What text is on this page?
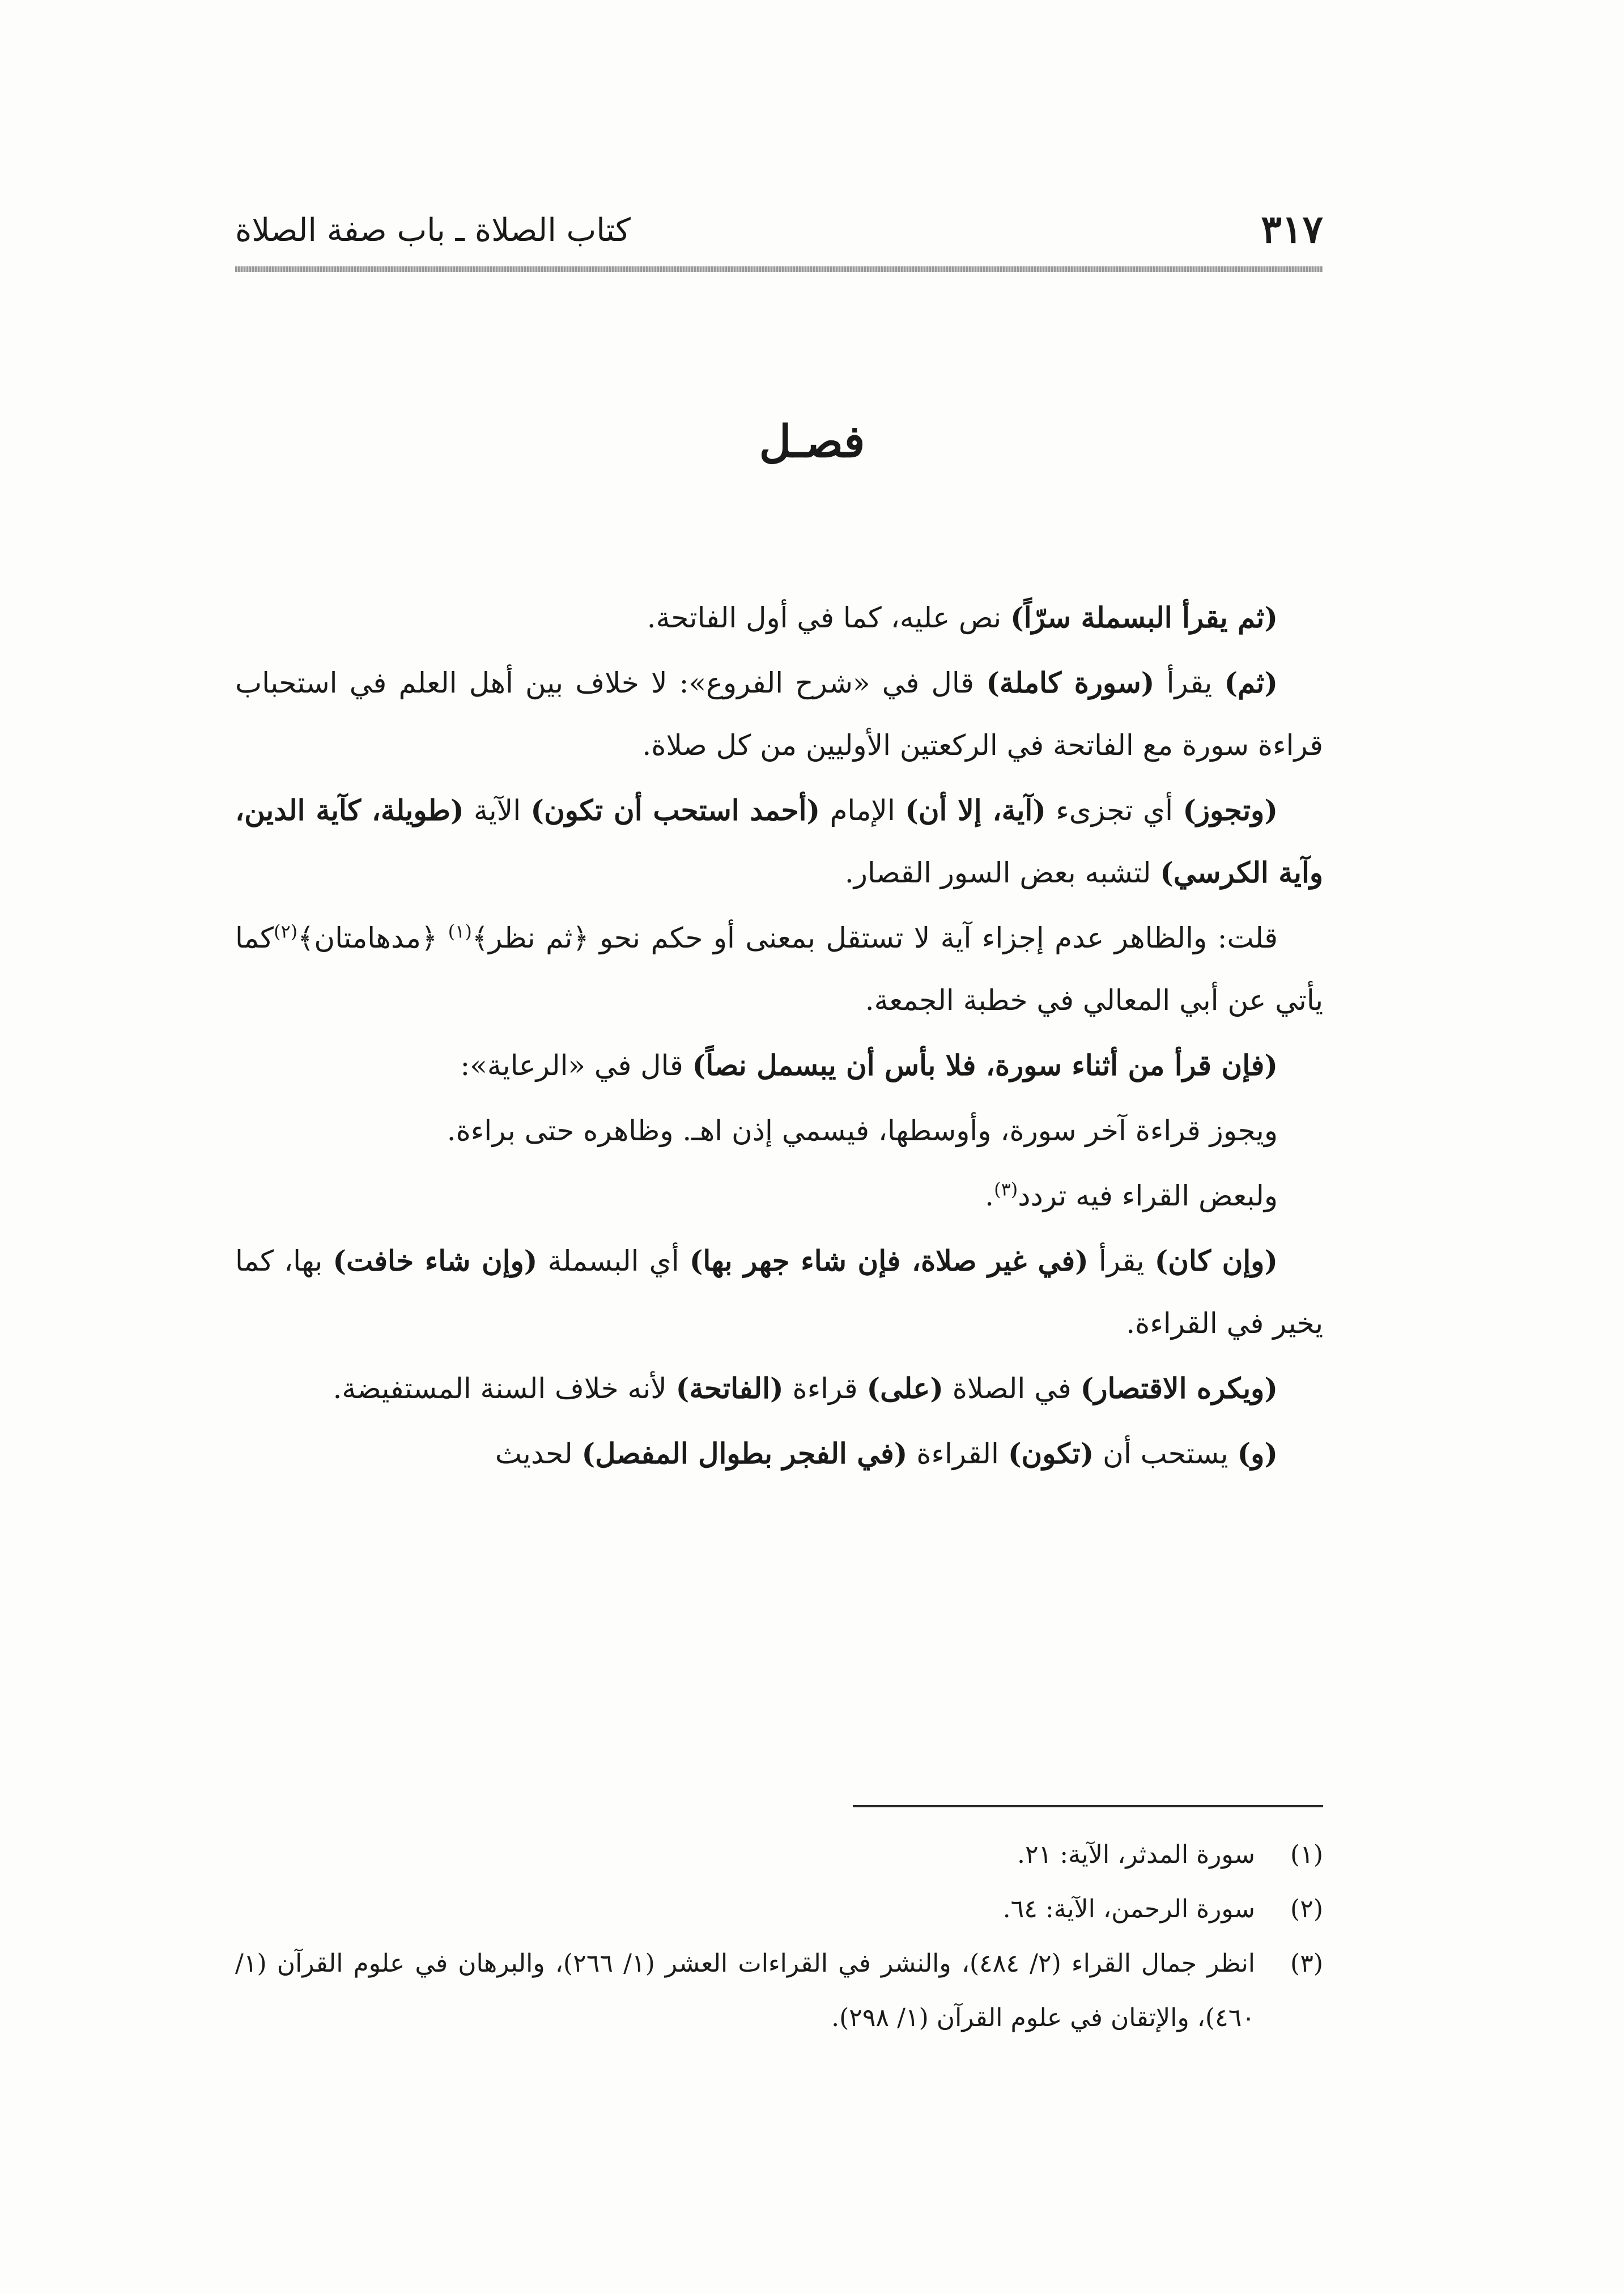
٣١٧
كتاب الصلاة ـ باب صفة الصلاة
فصـل

(ثم يقرأ البسملة سرّاً) نص عليه، كما في أول الفاتحة.

(ثم) يقرأ (سورة كاملة) قال في «شرح الفروع»: لا خلاف بين أهل العلم في استحباب قراءة سورة مع الفاتحة في الركعتين الأوليين من كل صلاة.

(وتجوز) أي تجزىء (آية، إلا أن) الإمام (أحمد استحب أن تكون) الآية (طويلة، كآية الدين، وآية الكرسي) لتشبه بعض السور القصار.

قلت: والظاهر عدم إجزاء آية لا تستقل بمعنى أو حكم نحو ﴿ثم نظر﴾$^{(١)}$ ﴿مدهامتان﴾$^{(٢)}$كما يأتي عن أبي المعالي في خطبة الجمعة.

(فإن قرأ من أثناء سورة، فلا بأس أن يبسمل نصاً) قال في «الرعاية»:

ويجوز قراءة آخر سورة، وأوسطها، فيسمي إذن اهـ. وظاهره حتى براءة.

ولبعض القراء فيه تردد$^{(٣)}$.

(وإن كان) يقرأ (في غير صلاة، فإن شاء جهر بها) أي البسملة (وإن شاء خافت) بها، كما يخير في القراءة.

(ويكره الاقتصار) في الصلاة (على) قراءة (الفاتحة) لأنه خلاف السنة المستفيضة.

(و) يستحب أن (تكون) القراءة (في الفجر بطوال المفصل) لحديث

(١)
سورة المدثر، الآية: ٢١.
(٢)
سورة الرحمن، الآية: ٦٤.
(٣)
انظر جمال القراء (٢/ ٤٨٤)، والنشر في القراءات العشر (١/ ٢٦٦)، والبرهان في علوم القرآن (١/ ٤٦٠)، والإتقان في علوم القرآن (١/ ٢٩٨).
